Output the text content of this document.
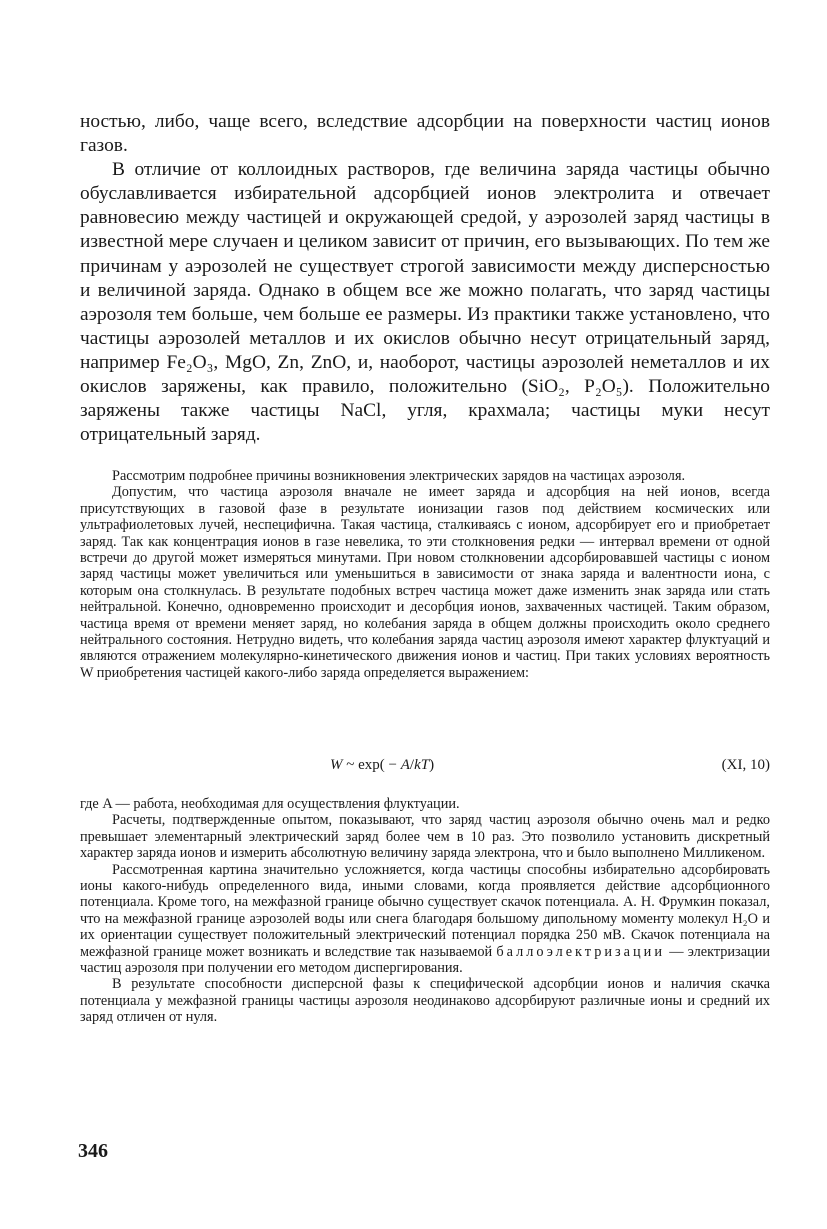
ностью, либо, чаще всего, вследствие адсорбции на поверхности частиц ионов газов.

В отличие от коллоидных растворов, где величина заряда частицы обычно обуславливается избирательной адсорбцией ионов электролита и отвечает равновесию между частицей и окружающей средой, у аэрозолей заряд частицы в известной мере случаен и целиком зависит от причин, его вызывающих. По тем же причинам у аэрозолей не существует строгой зависимости между дисперсностью и величиной заряда. Однако в общем все же можно полагать, что заряд частицы аэрозоля тем больше, чем больше ее размеры. Из практики также установлено, что частицы аэрозолей металлов и их окислов обычно несут отрицательный заряд, например Fe₂O₃, MgO, Zn, ZnO, и, наоборот, частицы аэрозолей неметаллов и их окислов заряжены, как правило, положительно (SiO₂, P₂O₅). Положительно заряжены также частицы NaCl, угля, крахмала; частицы муки несут отрицательный заряд.

Рассмотрим подробнее причины возникновения электрических зарядов на частицах аэрозоля.

Допустим, что частица аэрозоля вначале не имеет заряда и адсорбция на ней ионов, всегда присутствующих в газовой фазе в результате ионизации газов под действием космических или ультрафиолетовых лучей, неспецифична. Такая частица, сталкиваясь с ионом, адсорбирует его и приобретает заряд. Так как концентрация ионов в газе невелика, то эти столкновения редки — интервал времени от одной встречи до другой может измеряться минутами. При новом столкновении адсорбировавшей частицы с ионом заряд частицы может увеличиться или уменьшиться в зависимости от знака заряда и валентности иона, с которым она столкнулась. В результате подобных встреч частица может даже изменить знак заряда или стать нейтральной. Конечно, одновременно происходит и десорбция ионов, захваченных частицей. Таким образом, частица время от времени меняет заряд, но колебания заряда в общем должны происходить около среднего нейтрального состояния. Нетрудно видеть, что колебания заряда частиц аэрозоля имеют характер флуктуаций и являются отражением молекулярно-кинетического движения ионов и частиц. При таких условиях вероятность W приобретения частицей какого-либо заряда определяется выражением:

W ~ exp( − A/kT)	(XI, 10)

где A — работа, необходимая для осуществления флуктуации.

Расчеты, подтвержденные опытом, показывают, что заряд частиц аэрозоля обычно очень мал и редко превышает элементарный электрический заряд более чем в 10 раз. Это позволило установить дискретный характер заряда ионов и измерить абсолютную величину заряда электрона, что и было выполнено Милликеном.

Рассмотренная картина значительно усложняется, когда частицы способны избирательно адсорбировать ионы какого-нибудь определенного вида, иными словами, когда проявляется действие адсорбционного потенциала. Кроме того, на межфазной границе обычно существует скачок потенциала. А. Н. Фрумкин показал, что на межфазной границе аэрозолей воды или снега благодаря большому дипольному моменту молекул H₂O и их ориентации существует положительный электрический потенциал порядка 250 мВ. Скачок потенциала на межфазной границе может возникать и вследствие так называемой баллоэлектризации — электризации частиц аэрозоля при получении его методом диспергирования.

В результате способности дисперсной фазы к специфической адсорбции ионов и наличия скачка потенциала у межфазной границы частицы аэрозоля неодинаково адсорбируют различные ионы и средний их заряд отличен от нуля.

346
